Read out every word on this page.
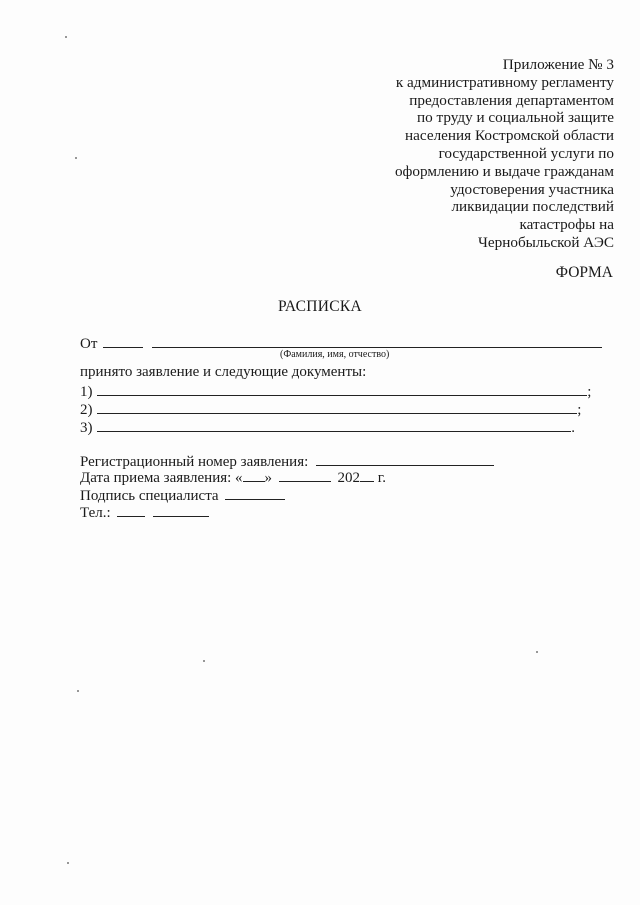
Приложение № 3
к административному регламенту
предоставления департаментом
по труду и социальной защите
населения Костромской области
государственной услуги по
оформлению и выдаче гражданам
удостоверения участника
ликвидации последствий
катастрофы на
Чернобыльской АЭС
ФОРМА
РАСПИСКА
От
(Фамилия, имя, отчество)
принято заявление и следующие документы:
1)	;
2)	;
3)	.
Регистрационный номер заявления:
Дата приема заявления: « »	202 г.
Подпись специалиста
Тел.:
